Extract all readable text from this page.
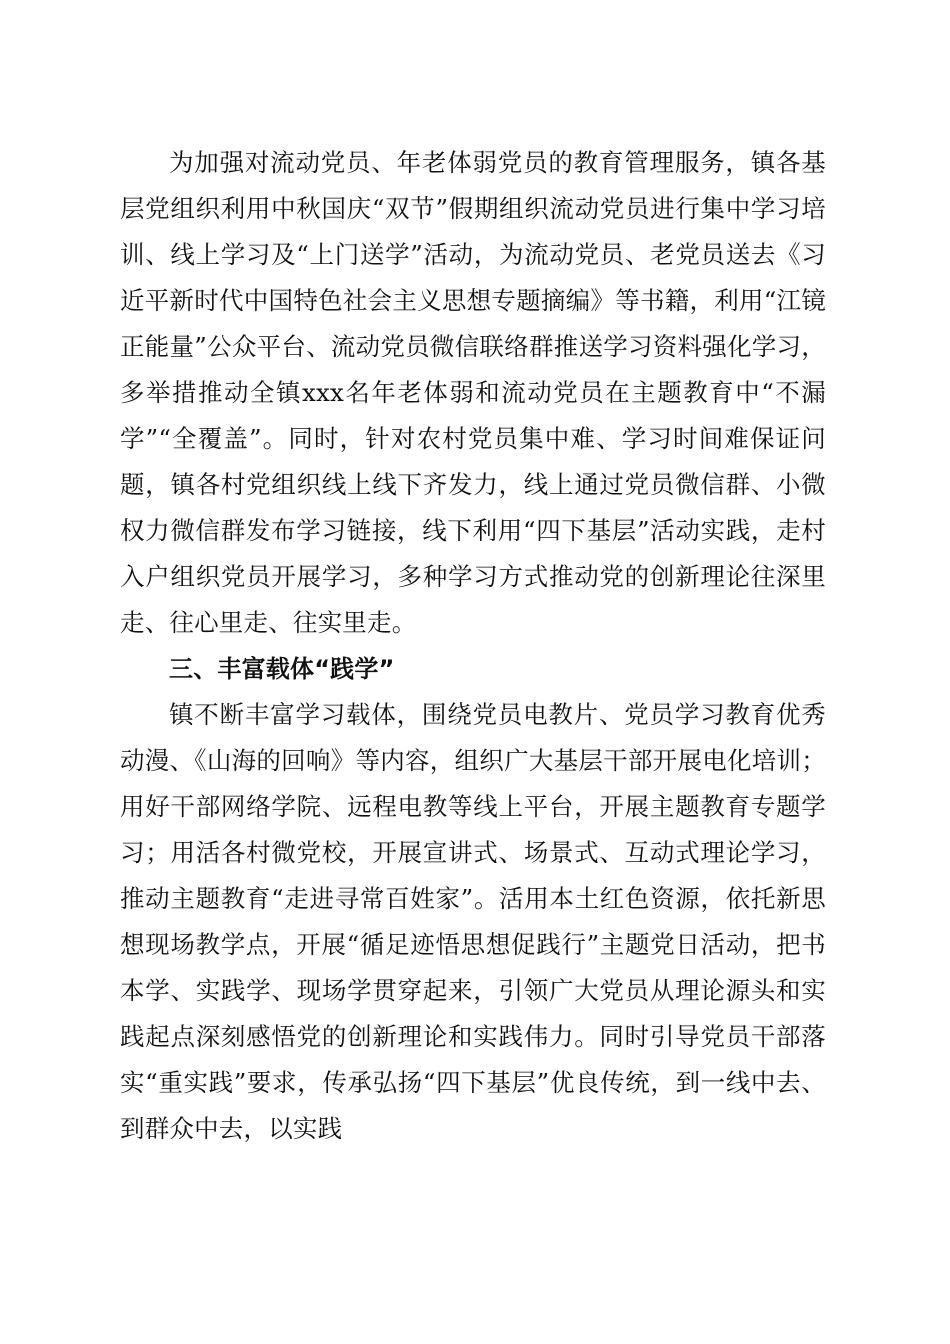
为加强对流动党员、年老体弱党员的教育管理服务，镇各基层党组织利用中秋国庆“双节”假期组织流动党员进行集中学习培训、线上学习及“上门送学”活动，为流动党员、老党员送去《习近平新时代中国特色社会主义思想专题摘编》等书籍，利用“江镜正能量”公众平台、流动党员微信联络群推送学习资料强化学习，多举措推动全镇xxx名年老体弱和流动党员在主题教育中“不漏学”“全覆盖”。同时，针对农村党员集中难、学习时间难保证问题，镇各村党组织线上线下齐发力，线上通过党员微信群、小微权力微信群发布学习链接，线下利用“四下基层”活动实践，走村入户组织党员开展学习，多种学习方式推动党的创新理论往深里走、往心里走、往实里走。

三、丰富载体“践学”

镇不断丰富学习载体，围绕党员电教片、党员学习教育优秀动漫、《山海的回响》等内容，组织广大基层干部开展电化培训；用好干部网络学院、远程电教等线上平台，开展主题教育专题学习；用活各村微党校，开展宣讲式、场景式、互动式理论学习，推动主题教育“走进寻常百姓家”。活用本土红色资源，依托新思想现场教学点，开展“循足迹悟思想促践行”主题党日活动，把书本学、实践学、现场学贯穿起来，引领广大党员从理论源头和实践起点深刻感悟党的创新理论和实践伟力。同时引导党员干部落实“重实践”要求，传承弘扬“四下基层”优良传统，到一线中去、到群众中去，以实践
